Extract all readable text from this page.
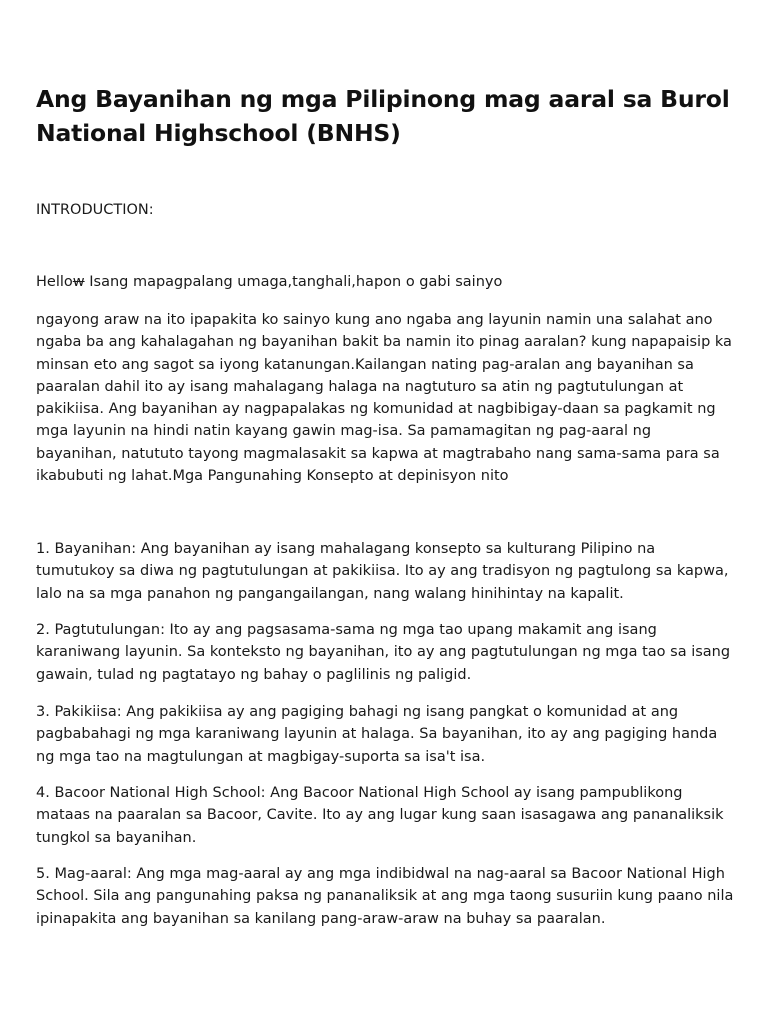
Ang Bayanihan ng mga Pilipinong mag aaral sa Burol National Highschool (BNHS)

INTRODUCTION:

Hellow Isang mapagpalang umaga,tanghali,hapon o gabi sainyo

ngayong araw na ito ipapakita ko sainyo kung ano ngaba ang layunin namin una salahat ano ngaba ba ang kahalagahan ng bayanihan bakit ba namin ito pinag aaralan? kung napapaisip ka minsan eto ang sagot sa iyong katanungan.Kailangan nating pag-aralan ang bayanihan sa paaralan dahil ito ay isang mahalagang halaga na nagtuturo sa atin ng pagtutulungan at pakikiisa. Ang bayanihan ay nagpapalakas ng komunidad at nagbibigay-daan sa pagkamit ng mga layunin na hindi natin kayang gawin mag-isa. Sa pamamagitan ng pag-aaral ng bayanihan, natututo tayong magmalasakit sa kapwa at magtrabaho nang sama-sama para sa ikabubuti ng lahat.Mga Pangunahing Konsepto at depinisyon nito

1. Bayanihan: Ang bayanihan ay isang mahalagang konsepto sa kulturang Pilipino na tumutukoy sa diwa ng pagtutulungan at pakikiisa. Ito ay ang tradisyon ng pagtulong sa kapwa, lalo na sa mga panahon ng pangangailangan, nang walang hinihintay na kapalit.

2. Pagtutulungan: Ito ay ang pagsasama-sama ng mga tao upang makamit ang isang karaniwang layunin. Sa konteksto ng bayanihan, ito ay ang pagtutulungan ng mga tao sa isang gawain, tulad ng pagtatayo ng bahay o paglilinis ng paligid.

3. Pakikiisa: Ang pakikiisa ay ang pagiging bahagi ng isang pangkat o komunidad at ang pagbabahagi ng mga karaniwang layunin at halaga. Sa bayanihan, ito ay ang pagiging handa ng mga tao na magtulungan at magbigay-suporta sa isa't isa.

4. Bacoor National High School: Ang Bacoor National High School ay isang pampublikong mataas na paaralan sa Bacoor, Cavite. Ito ay ang lugar kung saan isasagawa ang pananaliksik tungkol sa bayanihan.

5. Mag-aaral: Ang mga mag-aaral ay ang mga indibidwal na nag-aaral sa Bacoor National High School. Sila ang pangunahing paksa ng pananaliksik at ang mga taong susuriin kung paano nila ipinapakita ang bayanihan sa kanilang pang-araw-araw na buhay sa paaralan.
